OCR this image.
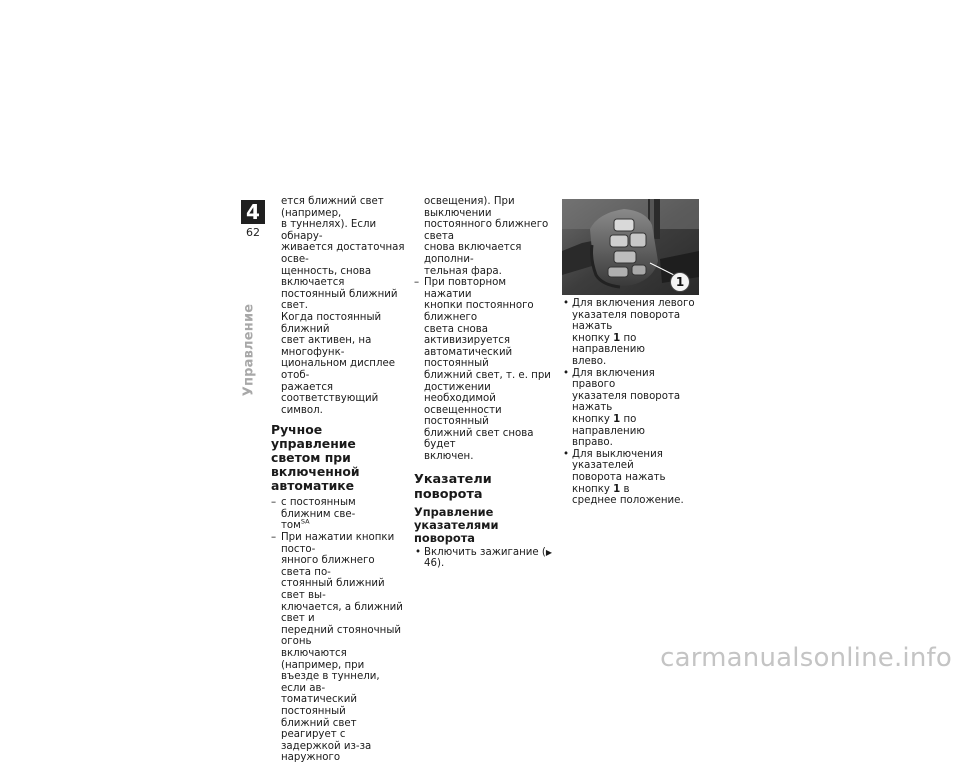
4
62
Управление
ется ближний свет (например,
в туннелях). Если обнару-
живается достаточная осве-
щенность, снова включается
постоянный ближний свет.
Когда постоянный ближний
свет активен, на многофунк-
циональном дисплее отоб-
ражается соответствующий
символ.
Ручное управление
светом при включенной
автоматике
– с постоянным ближним све-
том$^{SA}$
– При нажатии кнопки посто-
янного ближнего света по-
стоянный ближний свет вы-
ключается, а ближний свет и
передний стояночный огонь
включаются (например, при
въезде в туннели, если ав-
томатический постоянный
ближний свет реагирует с
задержкой из-за наружного
освещения). При выключении
постоянного ближнего света
снова включается дополни-
тельная фара.
– При повторном нажатии
кнопки постоянного ближнего
света снова активизируется
автоматический постоянный
ближний свет, т. е. при
достижении необходимой
освещенности постоянный
ближний свет снова будет
включен.
Указатели поворота
Управление указателями
поворота
• Включить зажигание (▶ 46).
1
• Для включения левого
указателя поворота нажать
кнопку 1 по направлению
влево.
• Для включения правого
указателя поворота нажать
кнопку 1 по направлению
вправо.
• Для выключения указателей
поворота нажать кнопку 1 в
среднее положение.
carmanualsonline.info
